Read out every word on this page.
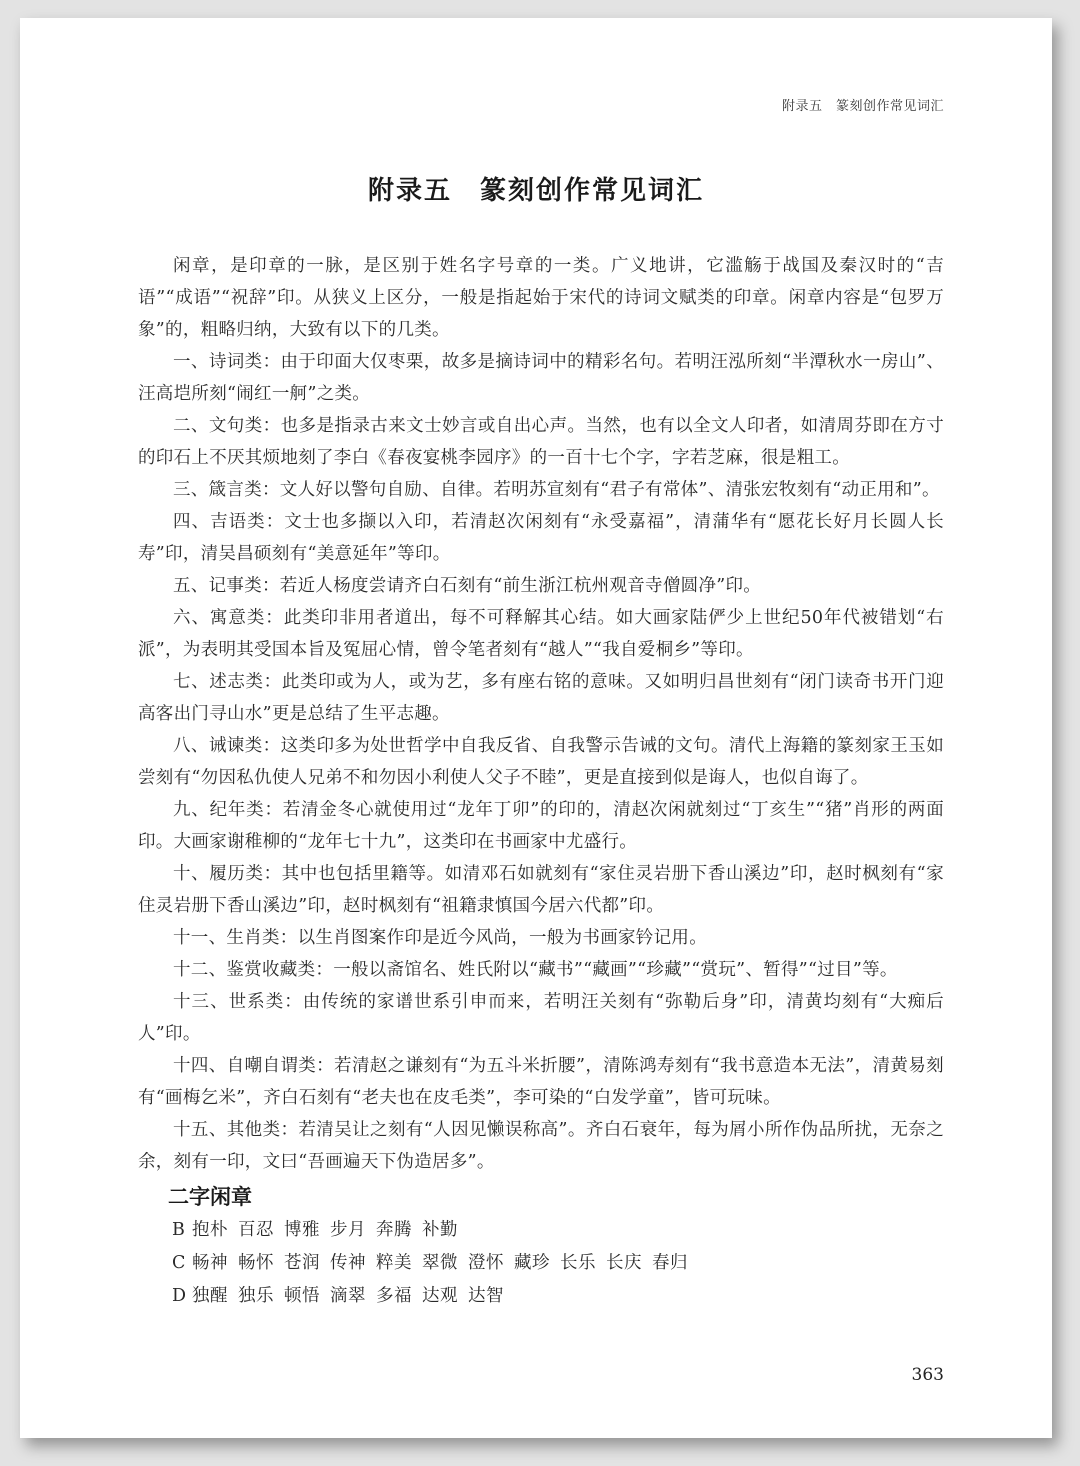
附录五　篆刻创作常见词汇
附录五　篆刻创作常见词汇

闲章，是印章的一脉，是区别于姓名字号章的一类。广义地讲，它滥觞于战国及秦汉时的“吉语”“成语”“祝辞”印。从狭义上区分，一般是指起始于宋代的诗词文赋类的印章。闲章内容是“包罗万象”的，粗略归纳，大致有以下的几类。

一、诗词类：由于印面大仅枣栗，故多是摘诗词中的精彩名句。若明汪泓所刻“半潭秋水一房山”、汪高垲所刻“闹红一舸”之类。

二、文句类：也多是指录古来文士妙言或自出心声。当然，也有以全文人印者，如清周芬即在方寸的印石上不厌其烦地刻了李白《春夜宴桃李园序》的一百十七个字，字若芝麻，很是粗工。

三、箴言类：文人好以警句自励、自律。若明苏宣刻有“君子有常体”、清张宏牧刻有“动正用和”。

四、吉语类：文士也多撷以入印，若清赵次闲刻有“永受嘉福”，清蒲华有“愿花长好月长圆人长寿”印，清吴昌硕刻有“美意延年”等印。

五、记事类：若近人杨度尝请齐白石刻有“前生浙江杭州观音寺僧圆净”印。

六、寓意类：此类印非用者道出，每不可释解其心结。如大画家陆俨少上世纪50年代被错划“右派”，为表明其受国本旨及冤屈心情，曾令笔者刻有“越人”“我自爱桐乡”等印。

七、述志类：此类印或为人，或为艺，多有座右铭的意味。又如明归昌世刻有“闭门读奇书开门迎高客出门寻山水”更是总结了生平志趣。

八、诫谏类：这类印多为处世哲学中自我反省、自我警示告诫的文句。清代上海籍的篆刻家王玉如尝刻有“勿因私仇使人兄弟不和勿因小利使人父子不睦”，更是直接到似是诲人，也似自诲了。

九、纪年类：若清金冬心就使用过“龙年丁卯”的印的，清赵次闲就刻过“丁亥生”“猪”肖形的两面印。大画家谢稚柳的“龙年七十九”，这类印在书画家中尤盛行。

十、履历类：其中也包括里籍等。如清邓石如就刻有“家住灵岩册下香山溪边”印，赵时枫刻有“家住灵岩册下香山溪边”印，赵时枫刻有“祖籍隶慎国今居六代都”印。

十一、生肖类：以生肖图案作印是近今风尚，一般为书画家钤记用。

十二、鉴赏收藏类：一般以斋馆名、姓氏附以“藏书”“藏画”“珍藏”“赏玩”、暂得”“过目”等。

十三、世系类：由传统的家谱世系引申而来，若明汪关刻有“弥勒后身”印，清黄均刻有“大痴后人”印。

十四、自嘲自谓类：若清赵之谦刻有“为五斗米折腰”，清陈鸿寿刻有“我书意造本无法”，清黄易刻有“画梅乞米”，齐白石刻有“老夫也在皮毛类”，李可染的“白发学童”，皆可玩味。

十五、其他类：若清吴让之刻有“人因见懒误称高”。齐白石衰年，每为屑小所作伪品所扰，无奈之余，刻有一印，文曰“吾画遍天下伪造居多”。

二字闲章
B 抱朴 百忍 博雅 步月 奔腾 补勤
C 畅神 畅怀 苍润 传神 粹美 翠微 澄怀 藏珍 长乐 长庆 春归
D 独醒 独乐 顿悟 滴翠 多福 达观 达智
363
